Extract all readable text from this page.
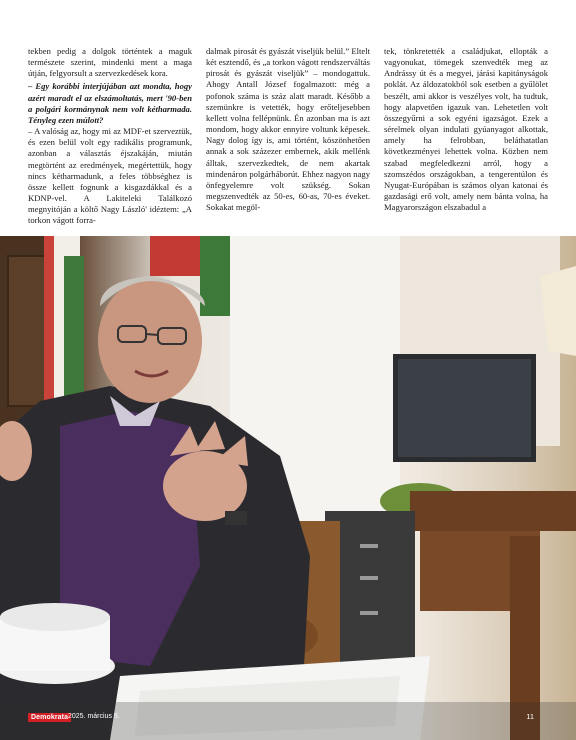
tekben pedig a dolgok történtek a maguk természete szerint, mindenki ment a maga útján, felgyorsult a szervezkedések kora.

– Egy korábbi interjújában azt mondta, hogy azért maradt el az elszámoltatás, mert '90-ben a polgári kormánynak nem volt kétharmada. Tényleg ezen múlott?

– A valóság az, hogy mi az MDF-et szerveztük, és ezen belül volt egy radikális programunk, azonban a választás éjszakáján, miután megtörtént az eredmények, megértettük, hogy nincs kétharmadunk, a feles többséghez is össze kellett fognunk a kisgazdákkal és a KDNP-vel. A Lakiteleki Találkozó megnyitóján a költő Nagy László' idéztem: „A torkon vágott forra-

dalmak pirosát és gyászát viseljük belül.” Eltelt két esztendő, és „a torkon vágott rendszerváltás pirosát és gyászát viseljük” – mondogattuk. Ahogy Antall József fogalmazott: még a pofonok száma is száz alatt maradt. Később a szemünkre is vetették, hogy erőteljesebben kellett volna fellépnünk. Én azonban ma is azt mondom, hogy akkor ennyire voltunk képesek. Nagy dolog így is, ami történt, köszönhetően annak a sok százezer embernek, akik mellénk álltak, szervezkedtek, de nem akartak mindenáron polgárháborút. Ehhez nagyon nagy önfegyelemre volt szükség. Sokan megszenvedték az 50-es, 60-as, 70-es éveket. Sokakat megöl-

tek, tönkretették a családjukat, ellopták a vagyonukat, tömegek szenvedték meg az Andrássy út és a megyei, járási kapitányságok poklát. Az áldozatokból sok esetben a gyűlölet beszélt, ami akkor is veszélyes volt, ha tudtuk, hogy alapvetően igazuk van. Lehetetlen volt összegyűrni a sok egyéni igazságot. Ezek a sérelmek olyan indulati gyúanyagot alkottak, amely ha felrobban, beláthatatlan következményei lehettek volna. Közben nem szabad megfeledkezni arról, hogy a szomszédos országokban, a tengerentúlon és Nyugat-Európában is számos olyan katonai és gazdasági erő volt, amely nem bánta volna, ha Magyarországon elszabadul a

Demokrata 2025. március 5.	11
